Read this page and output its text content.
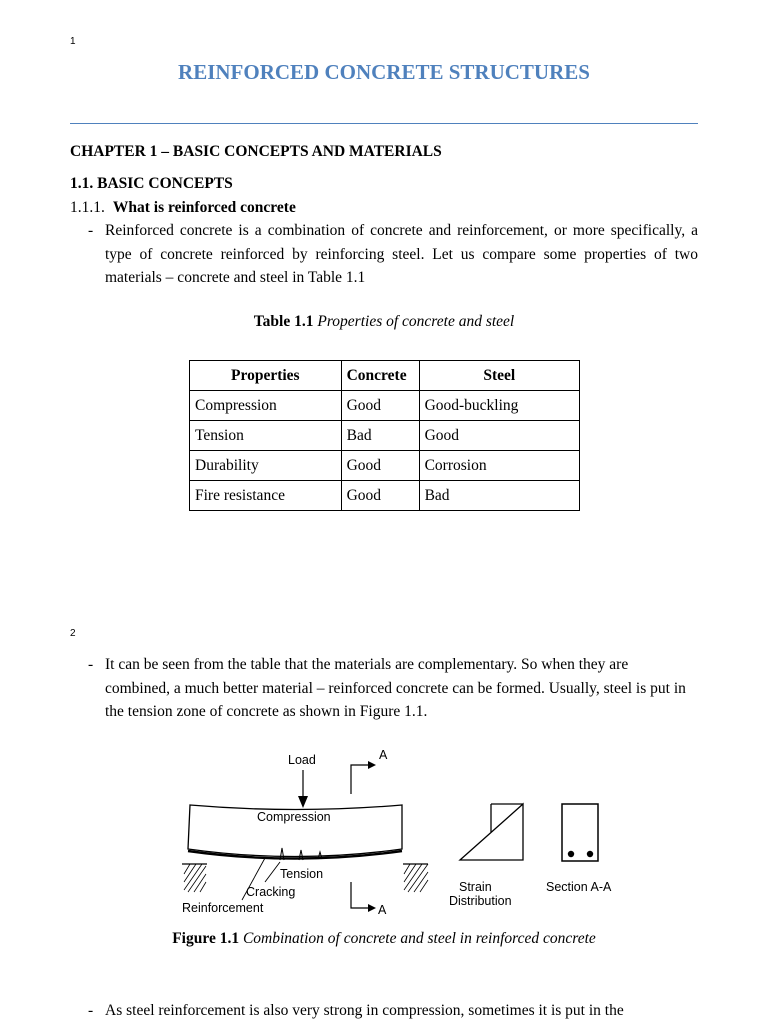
1
REINFORCED CONCRETE STRUCTURES
CHAPTER 1 – BASIC CONCEPTS AND MATERIALS
1.1. BASIC CONCEPTS
1.1.1. What is reinforced concrete
- Reinforced concrete is a combination of concrete and reinforcement, or more specifically, a type of concrete reinforced by reinforcing steel. Let us compare some properties of two materials – concrete and steel in Table 1.1
Table 1.1 Properties of concrete and steel
Properties	Concrete	Steel
Compression	Good	Good-buckling
Tension	Bad	Good
Durability	Good	Corrosion
Fire resistance	Good	Bad
2
- It can be seen from the table that the materials are complementary. So when they are combined, a much better material – reinforced concrete can be formed. Usually, steel is put in the tension zone of concrete as shown in Figure 1.1.
Load	A
Compression
Tension
Cracking
Reinforcement	A
Strain
Distribution
Section A-A
Figure 1.1 Combination of concrete and steel in reinforced concrete
- As steel reinforcement is also very strong in compression, sometimes it is put in the
